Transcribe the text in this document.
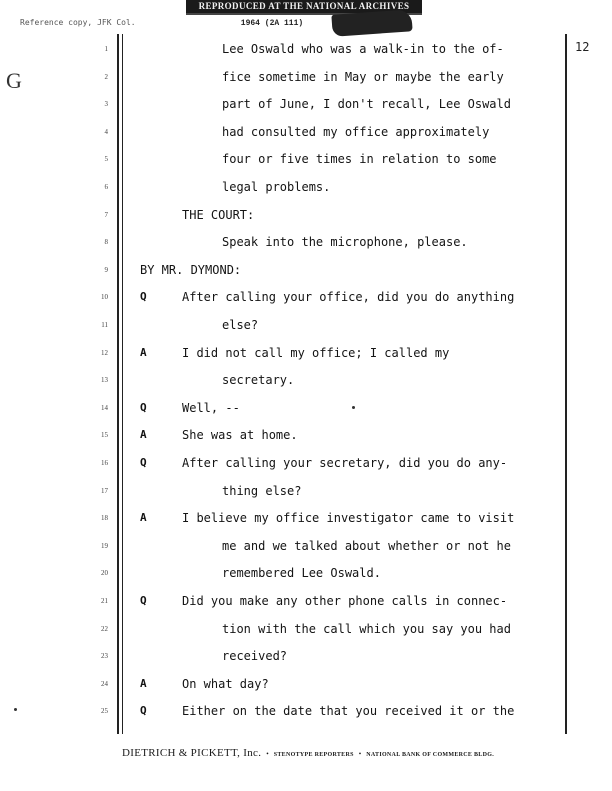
REPRODUCED AT THE NATIONAL ARCHIVES
1964 (2A 111)
Reference copy, JFK Col.
G
12
1	Lee Oswald who was a walk-in to the of-
2	fice sometime in May or maybe the early
3	part of June, I don't recall, Lee Oswald
4	had consulted my office approximately
5	four or five times in relation to some
6	legal problems.
7	THE COURT:
8	Speak into the microphone, please.
9	BY MR. DYMOND:
10	Q	After calling your office, did you do anything
11	else?
12	A	I did not call my office; I called my
13	secretary.
14	Q	Well, --
15	A	She was at home.
16	Q	After calling your secretary, did you do any-
17	thing else?
18	A	I believe my office investigator came to visit
19	me and we talked about whether or not he
20	remembered Lee Oswald.
21	Q	Did you make any other phone calls in connec-
22	tion with the call which you say you had
23	received?
24	A	On what day?
25	Q	Either on the date that you received it or the
DIETRICH & PICKETT, Inc. • STENOTYPE REPORTERS • NATIONAL BANK OF COMMERCE BLDG.
